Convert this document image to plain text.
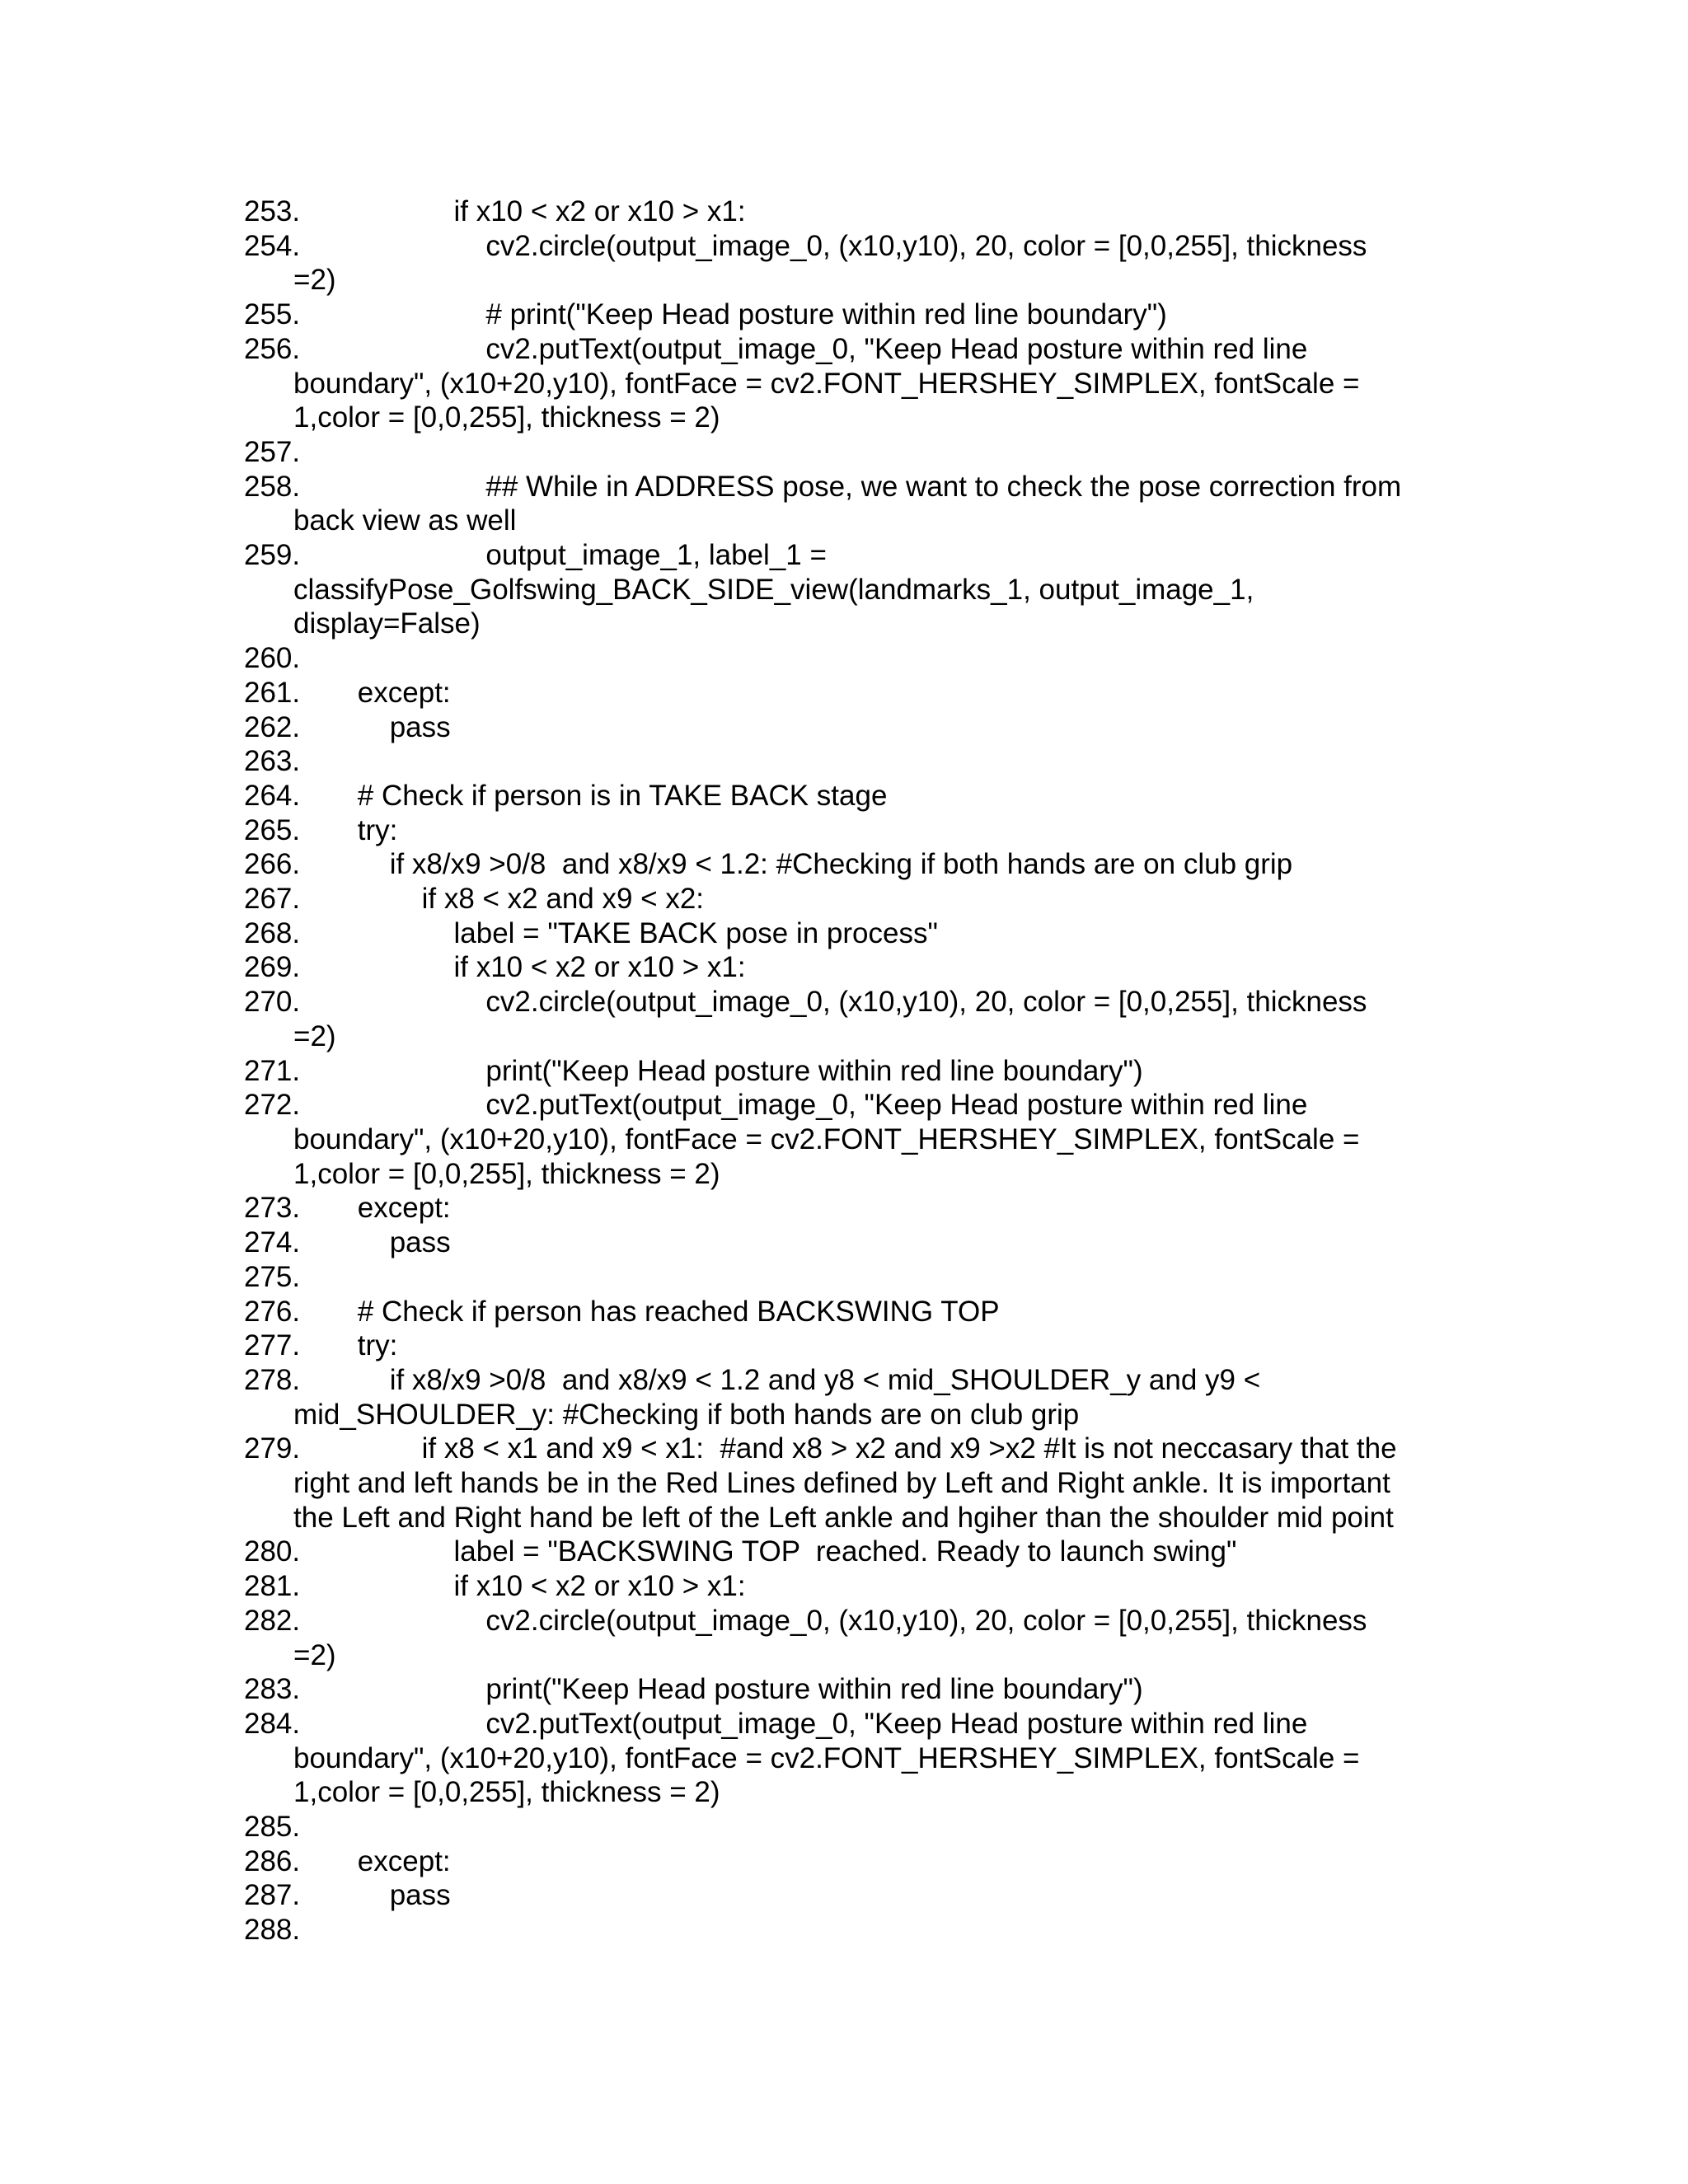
253.
if x10 < x2 or x10 > x1:
254.	cv2.circle(output_image_0, (x10,y10), 20, color = [0,0,255], thickness
=2)
255.
# print("Keep Head posture within red line boundary")
256.	cv2.putText(output_image_0, "Keep Head posture within red line
boundary", (x10+20,y10), fontFace = cv2.FONT_HERSHEY_SIMPLEX, fontScale =
1,color = [0,0,255], thickness = 2)
257.

258.	## While in ADDRESS pose, we want to check the pose correction from
back view as well
259.	output_image_1, label_1 =
classifyPose_Golfswing_BACK_SIDE_view(landmarks_1, output_image_1,
display=False)
260.

261.
except:
262.
pass
263.

264.
# Check if person is in TAKE BACK stage
265.
try:
266.
if x8/x9 >0/8  and x8/x9 < 1.2: #Checking if both hands are on club grip
267.
if x8 < x2 and x9 < x2:
268.
label = "TAKE BACK pose in process"
269.
if x10 < x2 or x10 > x1:
270.	cv2.circle(output_image_0, (x10,y10), 20, color = [0,0,255], thickness
=2)
271.
print("Keep Head posture within red line boundary")
272.	cv2.putText(output_image_0, "Keep Head posture within red line
boundary", (x10+20,y10), fontFace = cv2.FONT_HERSHEY_SIMPLEX, fontScale =
1,color = [0,0,255], thickness = 2)
273.
except:
274.
pass
275.

276.
# Check if person has reached BACKSWING TOP
277.
try:
278.	if x8/x9 >0/8  and x8/x9 < 1.2 and y8 < mid_SHOULDER_y and y9 <
mid_SHOULDER_y: #Checking if both hands are on club grip
279.	if x8 < x1 and x9 < x1:  #and x8 > x2 and x9 >x2 #It is not neccasary that the
right and left hands be in the Red Lines defined by Left and Right ankle. It is important
the Left and Right hand be left of the Left ankle and hgiher than the shoulder mid point
280.
label = "BACKSWING TOP  reached. Ready to launch swing"
281.
if x10 < x2 or x10 > x1:
282.	cv2.circle(output_image_0, (x10,y10), 20, color = [0,0,255], thickness
=2)
283.
print("Keep Head posture within red line boundary")
284.	cv2.putText(output_image_0, "Keep Head posture within red line
boundary", (x10+20,y10), fontFace = cv2.FONT_HERSHEY_SIMPLEX, fontScale =
1,color = [0,0,255], thickness = 2)
285.

286.
except:
287.
pass
288.
